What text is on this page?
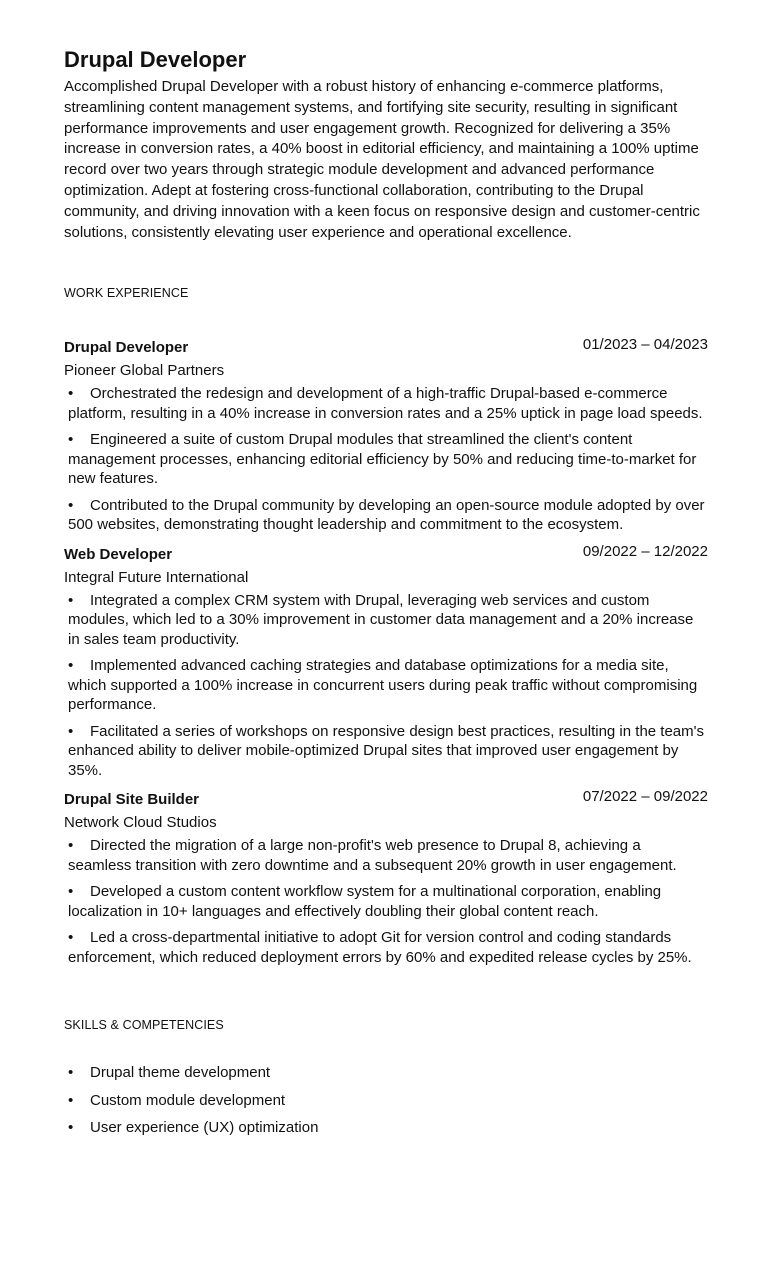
Drupal Developer

Accomplished Drupal Developer with a robust history of enhancing e-commerce platforms, streamlining content management systems, and fortifying site security, resulting in significant performance improvements and user engagement growth. Recognized for delivering a 35% increase in conversion rates, a 40% boost in editorial efficiency, and maintaining a 100% uptime record over two years through strategic module development and advanced performance optimization. Adept at fostering cross-functional collaboration, contributing to the Drupal community, and driving innovation with a keen focus on responsive design and customer-centric solutions, consistently elevating user experience and operational excellence.

WORK EXPERIENCE
Drupal Developer	01/2023 – 04/2023
Pioneer Global Partners
• Orchestrated the redesign and development of a high-traffic Drupal-based e-commerce platform, resulting in a 40% increase in conversion rates and a 25% uptick in page load speeds.
• Engineered a suite of custom Drupal modules that streamlined the client's content management processes, enhancing editorial efficiency by 50% and reducing time-to-market for new features.
• Contributed to the Drupal community by developing an open-source module adopted by over 500 websites, demonstrating thought leadership and commitment to the ecosystem.
Web Developer	09/2022 – 12/2022
Integral Future International
• Integrated a complex CRM system with Drupal, leveraging web services and custom modules, which led to a 30% improvement in customer data management and a 20% increase in sales team productivity.
• Implemented advanced caching strategies and database optimizations for a media site, which supported a 100% increase in concurrent users during peak traffic without compromising performance.
• Facilitated a series of workshops on responsive design best practices, resulting in the team's enhanced ability to deliver mobile-optimized Drupal sites that improved user engagement by 35%.
Drupal Site Builder	07/2022 – 09/2022
Network Cloud Studios
• Directed the migration of a large non-profit's web presence to Drupal 8, achieving a seamless transition with zero downtime and a subsequent 20% growth in user engagement.
• Developed a custom content workflow system for a multinational corporation, enabling localization in 10+ languages and effectively doubling their global content reach.
• Led a cross-departmental initiative to adopt Git for version control and coding standards enforcement, which reduced deployment errors by 60% and expedited release cycles by 25%.
SKILLS & COMPETENCIES
• Drupal theme development
• Custom module development
• User experience (UX) optimization
